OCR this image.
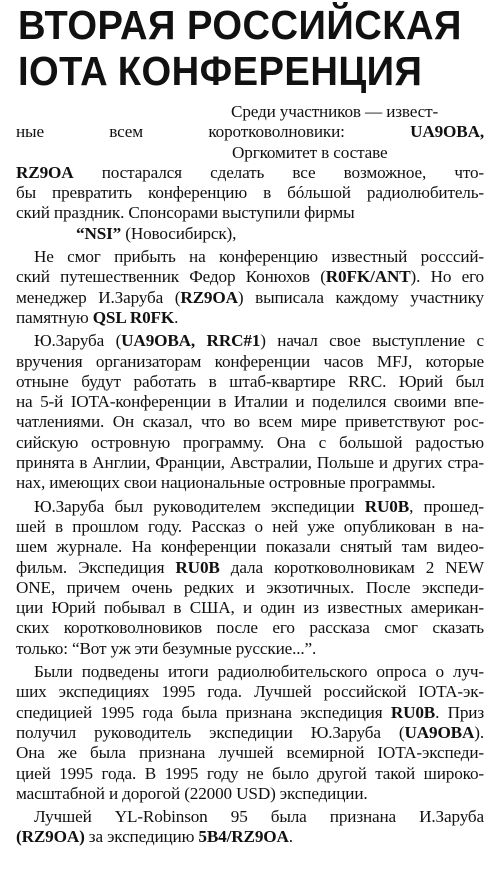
ВТОРАЯ РОССИЙСКАЯ
IOTA КОНФЕРЕНЦИЯ
Среди участников — извест-
ные всем коротковолновики: UA9OBA,
Оргкомитет в составе
RZ9OA постарался сделать все возможное, что-
бы превратить конференцию в бóльшой радиолюбитель-
ский праздник. Спонсорами выступили фирмы
“NSI” (Новосибирск),
Не смог прибыть на конференцию известный росссий-
ский путешественник Федор Конюхов (R0FK/ANT). Но его
менеджер И.Заруба (RZ9OA) выписала каждому участнику
памятную QSL R0FK.
Ю.Заруба (UA9OBA, RRC#1) начал свое выступление с
вручения организаторам конференции часов MFJ, которые
отныне будут работать в штаб-квартире RRC. Юрий был
на 5-й IOTA-конференции в Италии и поделился своими впе-
чатлениями. Он сказал, что во всем мире приветствуют рос-
сийскую островную программу. Она с большой радостью
принята в Англии, Франции, Австралии, Польше и других стра-
нах, имеющих свои национальные островные программы.
Ю.Заруба был руководителем экспедиции RU0B, прошед-
шей в прошлом году. Рассказ о ней уже опубликован в на-
шем журнале. На конференции показали снятый там видео-
фильм. Экспедиция RU0B дала коротковолновикам 2 NEW
ONE, причем очень редких и экзотичных. После экспеди-
ции Юрий побывал в США, и один из известных американ-
ских коротковолновиков после его рассказа смог сказать
только: “Вот уж эти безумные русские...”.
Были подведены итоги радиолюбительского опроса о луч-
ших экспедициях 1995 года. Лучшей российской IOTA-эк-
спедицией 1995 года была признана экспедиция RU0B. Приз
получил руководитель экспедиции Ю.Заруба (UA9OBA).
Она же была признана лучшей всемирной IOTA-экспеди-
цией 1995 года. В 1995 году не было другой такой широко-
масштабной и дорогой (22000 USD) экспедиции.
Лучшей YL-Robinson 95 была признана И.Заруба
(RZ9OA) за экспедицию 5B4/RZ9OA.
